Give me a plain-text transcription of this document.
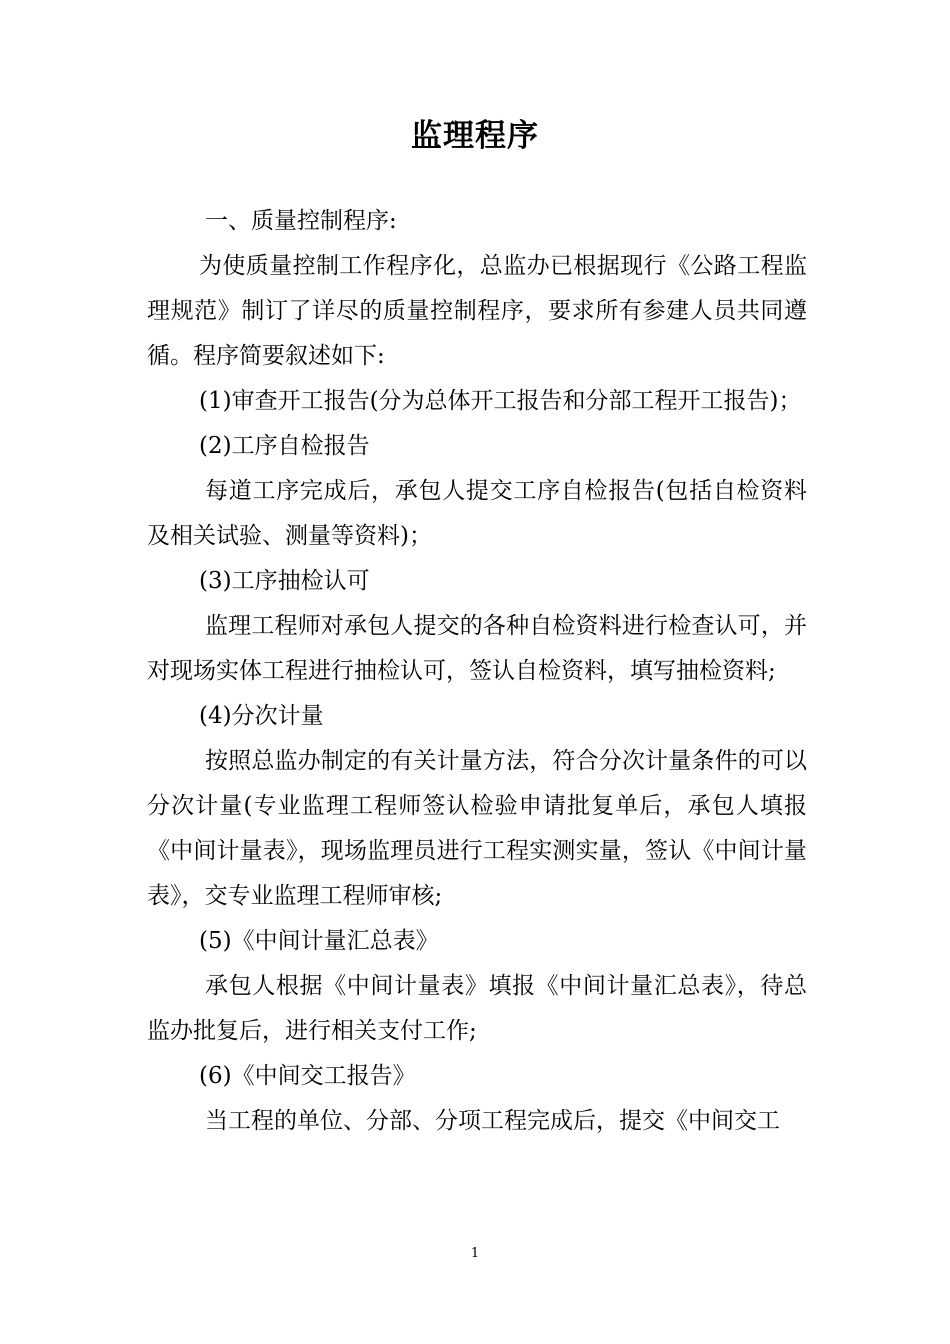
监理程序

一、质量控制程序:

为使质量控制工作程序化，总监办已根据现行《公路工程监理规范》制订了详尽的质量控制程序，要求所有参建人员共同遵循。程序简要叙述如下:

(1)审查开工报告(分为总体开工报告和分部工程开工报告)；

(2)工序自检报告

每道工序完成后，承包人提交工序自检报告(包括自检资料及相关试验、测量等资料)；

(3)工序抽检认可

监理工程师对承包人提交的各种自检资料进行检查认可，并对现场实体工程进行抽检认可，签认自检资料，填写抽检资料;

(4)分次计量

按照总监办制定的有关计量方法，符合分次计量条件的可以分次计量(专业监理工程师签认检验申请批复单后，承包人填报《中间计量表》，现场监理员进行工程实测实量，签认《中间计量表》，交专业监理工程师审核;

(5)《中间计量汇总表》

承包人根据《中间计量表》填报《中间计量汇总表》，待总监办批复后，进行相关支付工作;

(6)《中间交工报告》

当工程的单位、分部、分项工程完成后，提交《中间交工

1
